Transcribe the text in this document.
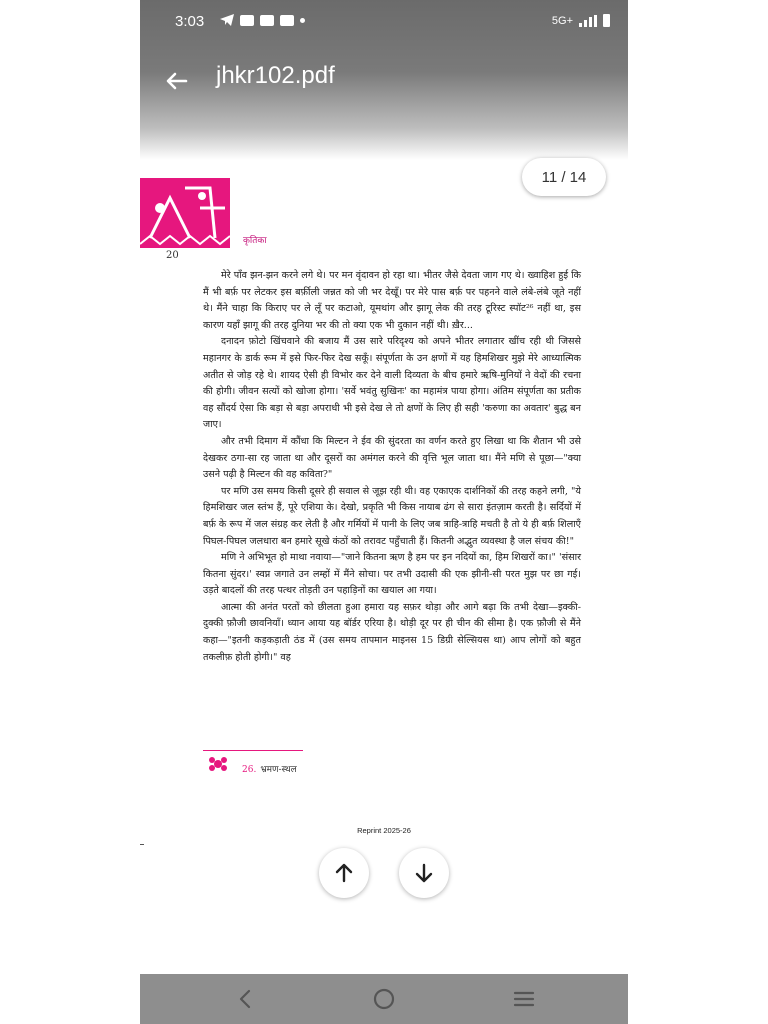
3:03	5G+
jhkr102.pdf
कृतिका
20

मेरे पाँव झन-झन करने लगे थे। पर मन वृंदावन हो रहा था। भीतर जैसे देवता जाग गए थे। ख्वाहिश हुई कि मैं भी बर्फ़ पर लेटकर इस बर्फ़ीली जन्नत को जी भर देखूँ। पर मेरे पास बर्फ़ पर पहनने वाले लंबे-लंबे जूते नहीं थे। मैंने चाहा कि किराए पर ले लूँ पर कटाओ, यूमथांग और झागू लेक की तरह टूरिस्ट स्पॉट²⁶ नहीं था, इस कारण यहाँ झागू की तरह दुनिया भर की तो क्या एक भी दुकान नहीं थी। ख़ैर...

दनादन फ़ोटो खिंचवाने की बजाय मैं उस सारे परिदृश्य को अपने भीतर लगातार खींच रही थी जिससे महानगर के डार्क रूम में इसे फिर-फिर देख सकूँ। संपूर्णता के उन क्षणों में यह हिमशिखर मुझे मेरे आध्यात्मिक अतीत से जोड़ रहे थे। शायद ऐसी ही विभोर कर देने वाली दिव्यता के बीच हमारे ऋषि-मुनियों ने वेदों की रचना की होगी। जीवन सत्यों को खोजा होगा। 'सर्वे भवंतु सुखिनः' का महामंत्र पाया होगा। अंतिम संपूर्णता का प्रतीक वह सौंदर्य ऐसा कि बड़ा से बड़ा अपराधी भी इसे देख ले तो क्षणों के लिए ही सही 'करुणा का अवतार' बुद्ध बन जाए।

और तभी दिमाग में कौंधा कि मिल्टन ने ईव की सुंदरता का वर्णन करते हुए लिखा था कि शैतान भी उसे देखकर ठगा-सा रह जाता था और दूसरों का अमंगल करने की वृत्ति भूल जाता था। मैंने मणि से पूछा—"क्या उसने पढ़ी है मिल्टन की वह कविता?"

पर मणि उस समय किसी दूसरे ही सवाल से जूझ रही थी। वह एकाएक दार्शनिकों की तरह कहने लगी, "ये हिमशिखर जल स्तंभ हैं, पूरे एशिया के। देखो, प्रकृति भी किस नायाब ढंग से सारा इंतज़ाम करती है। सर्दियों में बर्फ़ के रूप में जल संग्रह कर लेती है और गर्मियों में पानी के लिए जब त्राहि-त्राहि मचती है तो ये ही बर्फ़ शिलाएँ पिघल-पिघल जलधारा बन हमारे सूखे कंठों को तरावट पहुँचाती हैं। कितनी अद्भुत व्यवस्था है जल संचय की!"

मणि ने अभिभूत हो माथा नवाया—"जाने कितना ऋण है हम पर इन नदियों का, हिम शिखरों का।" 'संसार कितना सुंदर।' स्वप्न जगाते उन लम्हों में मैंने सोचा। पर तभी उदासी की एक झीनी-सी परत मुझ पर छा गई। उड़ते बादलों की तरह पत्थर तोड़ती उन पहाड़िनों का खयाल आ गया।

आत्मा की अनंत परतों को छीलता हुआ हमारा यह सफ़र थोड़ा और आगे बढ़ा कि तभी देखा—इक्की-दुक्की फ़ौजी छावनियाँ। ध्यान आया यह बॉर्डर एरिया है। थोड़ी दूर पर ही चीन की सीमा है। एक फ़ौजी से मैंने कहा—"इतनी कड़कड़ाती ठंड में (उस समय तापमान माइनस 15 डिग्री सेल्सियस था) आप लोगों को बहुत तकलीफ़ होती होगी।" वह

26. भ्रमण-स्थल
Reprint 2025-26
11 / 14
